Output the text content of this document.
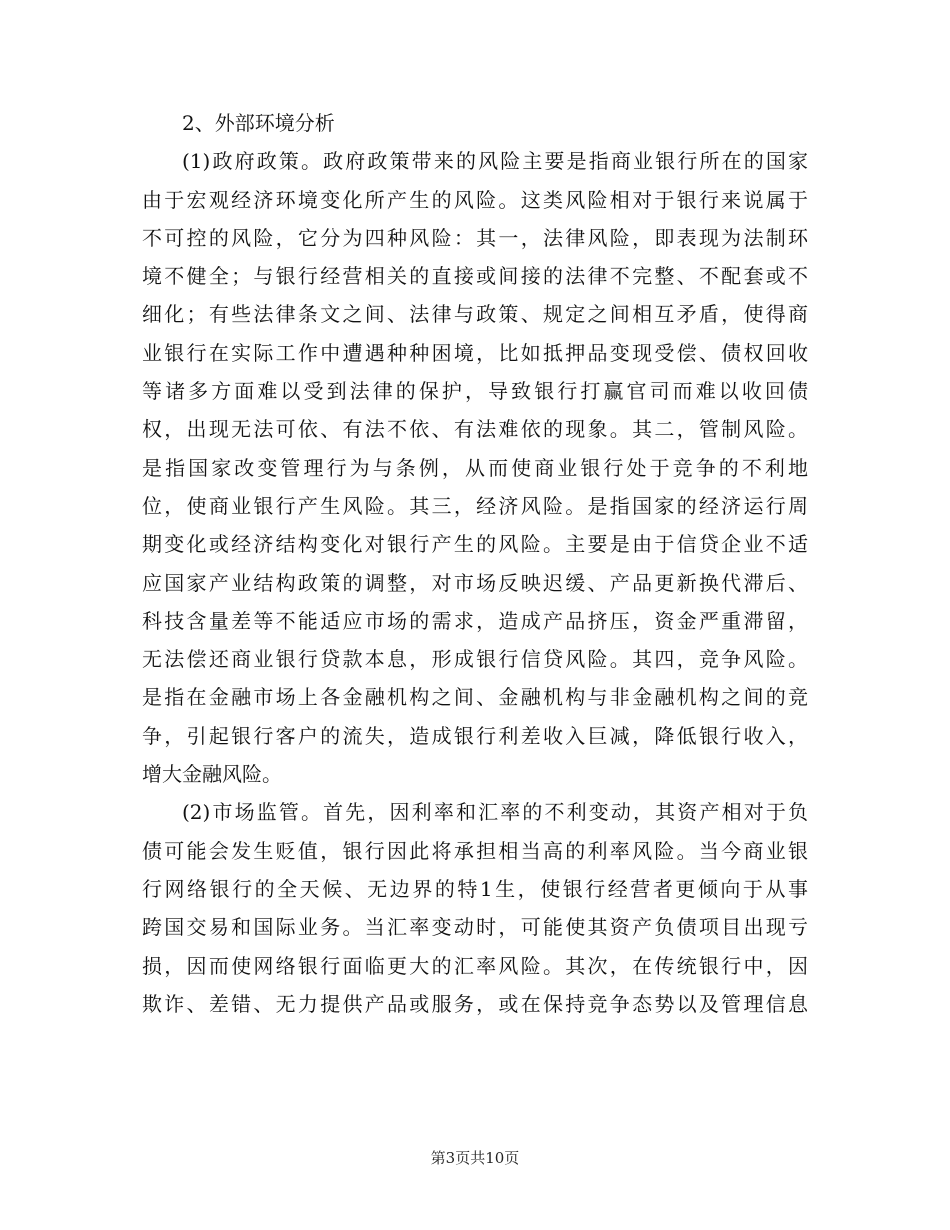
2、外部环境分析
(1)政府政策。政府政策带来的风险主要是指商业银行所在的国家
由于宏观经济环境变化所产生的风险。这类风险相对于银行来说属于
不可控的风险，它分为四种风险：其一，法律风险，即表现为法制环
境不健全；与银行经营相关的直接或间接的法律不完整、不配套或不
细化；有些法律条文之间、法律与政策、规定之间相互矛盾，使得商
业银行在实际工作中遭遇种种困境，比如抵押品变现受偿、债权回收
等诸多方面难以受到法律的保护，导致银行打赢官司而难以收回债
权，出现无法可依、有法不依、有法难依的现象。其二，管制风险。
是指国家改变管理行为与条例，从而使商业银行处于竞争的不利地
位，使商业银行产生风险。其三，经济风险。是指国家的经济运行周
期变化或经济结构变化对银行产生的风险。主要是由于信贷企业不适
应国家产业结构政策的调整，对市场反映迟缓、产品更新换代滞后、
科技含量差等不能适应市场的需求，造成产品挤压，资金严重滞留，
无法偿还商业银行贷款本息，形成银行信贷风险。其四，竞争风险。
是指在金融市场上各金融机构之间、金融机构与非金融机构之间的竞
争，引起银行客户的流失，造成银行利差收入巨减，降低银行收入，
增大金融风险。
(2)市场监管。首先，因利率和汇率的不利变动，其资产相对于负
债可能会发生贬值，银行因此将承担相当高的利率风险。当今商业银
行网络银行的全天候、无边界的特1生，使银行经营者更倾向于从事
跨国交易和国际业务。当汇率变动时，可能使其资产负债项目出现亏
损，因而使网络银行面临更大的汇率风险。其次，在传统银行中，因
欺诈、差错、无力提供产品或服务，或在保持竞争态势以及管理信息
第3页共10页
